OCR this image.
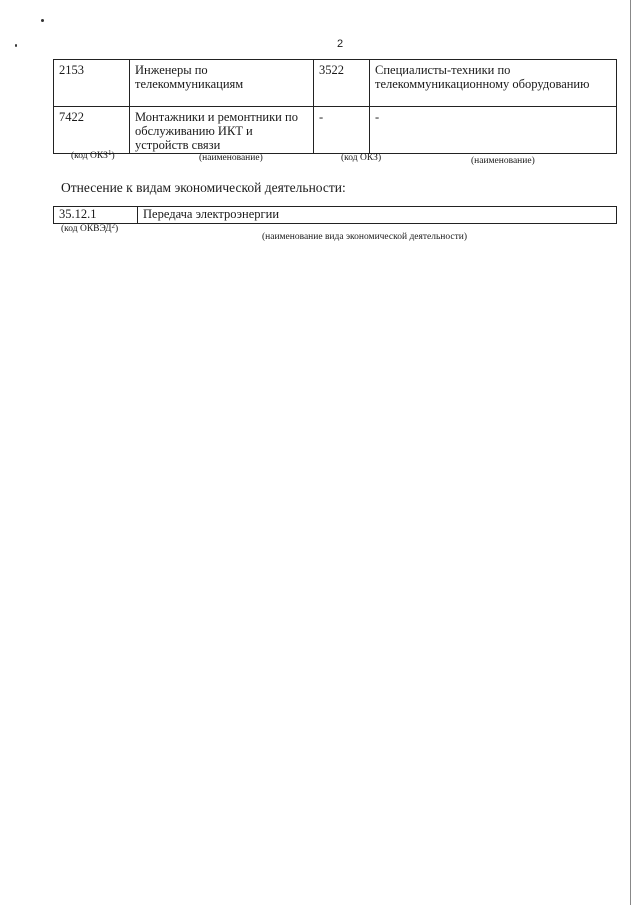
2
2153	Инженеры по телекоммуникациям	3522	Специалисты-техники по телекоммуникационному оборудованию

7422	Монтажники и ремонтники по обслуживанию ИКТ и устройств связи	-	-
(код ОКЗ$^1$)	(наименование)	(код ОКЗ)	(наименование)
Отнесение к видам экономической деятельности:
35.12.1	Передача электроэнергии
(код ОКВЭД$^2$)
(наименование вида экономической деятельности)
